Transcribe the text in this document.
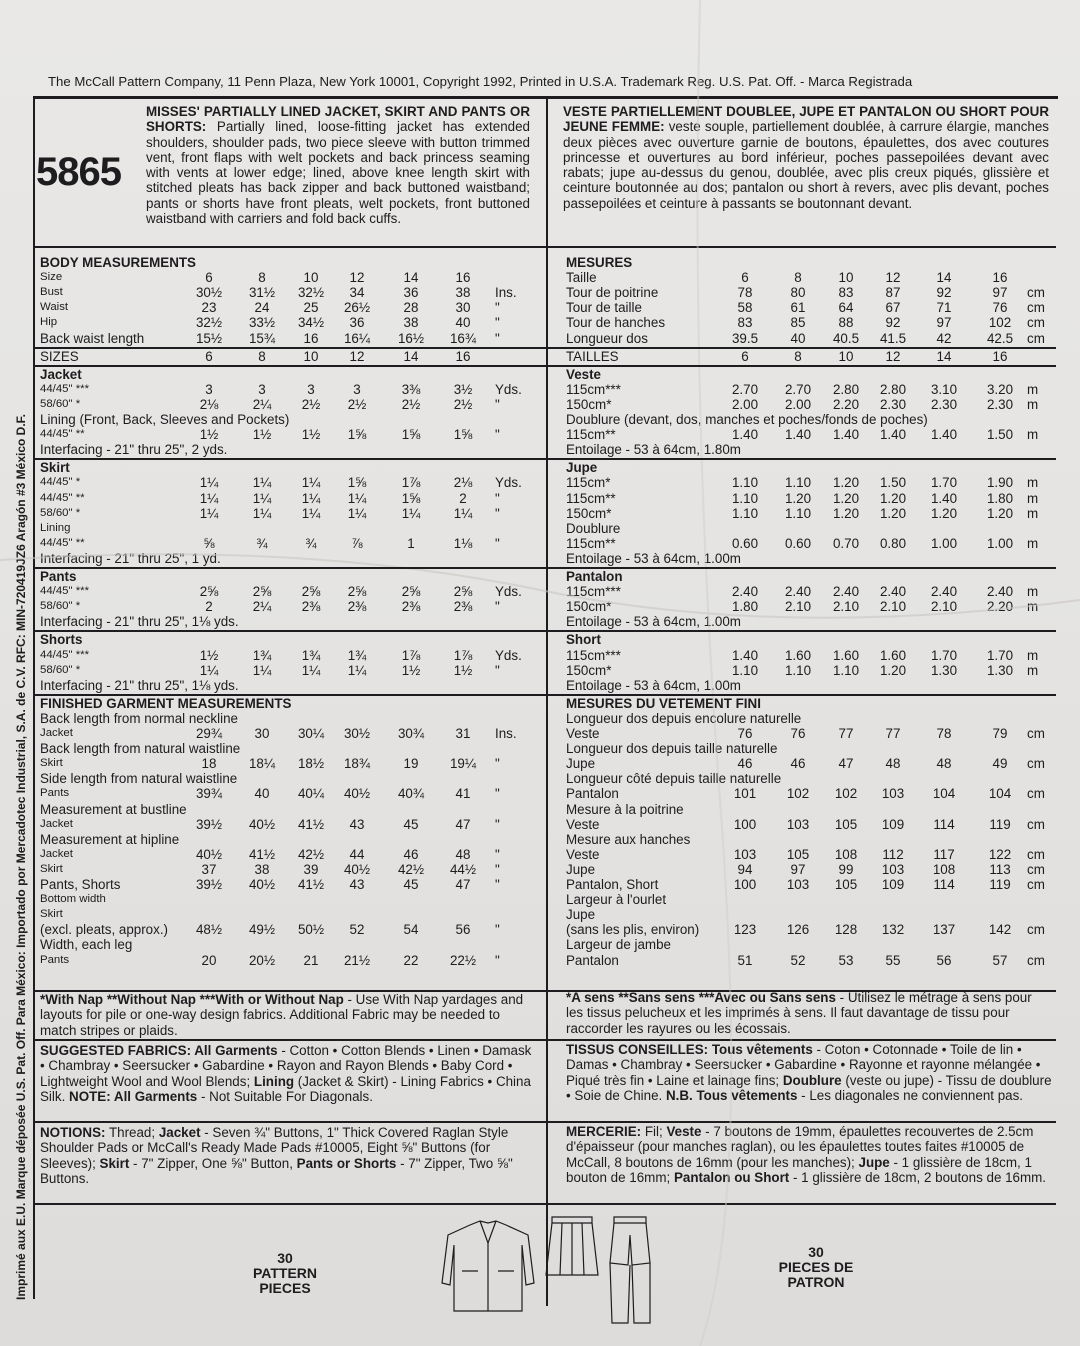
Imprimé aux E.U. Marque déposée U.S. Pat. Off. Para México: Importado por Mercadotec Industrial, S.A. de C.V. RFC: MIN-720419JZ6 Aragón #3 México D.F.
The McCall Pattern Company, 11 Penn Plaza, New York 10001, Copyright 1992, Printed in U.S.A. Trademark Reg. U.S. Pat. Off. - Marca Registrada
5865
MISSES' PARTIALLY LINED JACKET, SKIRT AND PANTS OR SHORTS: Partially lined, loose-fitting jacket has extended shoulders, shoulder pads, two piece sleeve with button trimmed vent, front flaps with welt pockets and back princess seaming with vents at lower edge; lined, above knee length skirt with stitched pleats has back zipper and back buttoned waistband; pants or shorts have front pleats, welt pockets, front buttoned waistband with carriers and fold back cuffs.
VESTE PARTIELLEMENT DOUBLEE, JUPE ET PANTALON OU SHORT POUR JEUNE FEMME: veste souple, partiellement doublée, à carrure élargie, manches deux pièces avec ouverture garnie de boutons, épaulettes, dos avec coutures princesse et ouvertures au bord inférieur, poches passepoilées devant avec rabats; jupe au-dessus du genou, doublée, avec plis creux piqués, glissière et ceinture boutonnée au dos; pantalon ou short à revers, avec plis devant, poches passepoilées et ceinture à passants se boutonnant devant.
BODY MEASUREMENTS
Size	6	8	10 12	14	16
Bust	30½ 31½ 32½ 34	36	38 Ins.
Waist	23	24	25 26½	28	30 "
Hip	32½ 33½ 34½ 36	38	40 "
Back waist length	15½ 15¾ 16 16¼ 16½ 16¾ "
SIZES	6	8	10 12	14	16
Jacket
44/45" ***	3	3	3	3	3⅜ 3½ Yds.
58/60" *	2⅛	2¼ 2½ 2½	2½ 2½ "
Lining (Front, Back, Sleeves and Pockets)
44/45" **	1½	1½ 1½ 1⅝	1⅝ 1⅝ "
Interfacing - 21" thru 25", 2 yds.
Skirt
44/45" *	1¼	1¼ 1¼ 1⅝	1⅞ 2⅛ Yds.
44/45" **	1¼	1¼ 1¼ 1¼	1⅝	2 "
58/60" *	1¼	1¼ 1¼ 1¼	1¼ 1¼ "
Lining
44/45" **	⅝	¾	¾	⅞	1	1⅛ "
Interfacing - 21" thru 25", 1 yd.
Pants
44/45" ***	2⅝	2⅝ 2⅝ 2⅝	2⅝ 2⅝ Yds.
58/60" *	2	2¼ 2⅜ 2⅜	2⅜ 2⅜ "
Interfacing - 21" thru 25", 1⅛ yds.
Shorts
44/45" ***	1½	1¾ 1¾ 1¾	1⅞ 1⅞ Yds.
58/60" *	1¼	1¼ 1¼ 1¼	1½ 1½ "
Interfacing - 21" thru 25", 1⅛ yds.
FINISHED GARMENT MEASUREMENTS
Back length from normal neckline
Jacket	29¾ 30 30¼ 30½ 30¾ 31 Ins.
Back length from natural waistline
Skirt	18 18¼ 18½ 18¾	19 19¼ "
Side length from natural waistline
Pants	39¾ 40 40¼ 40½ 40¾ 41 "
Measurement at bustline
Jacket	39½ 40½ 41½ 43	45	47 "
Measurement at hipline
Jacket	40½ 41½ 42½ 44	46	48 "
Skirt	37	38	39 40½ 42½ 44½ "
Pants, Shorts	39½ 40½ 41½ 43	45	47 "
Bottom width
Skirt
(excl. pleats, approx.) 48½ 49½ 50½ 52	54	56 "
Width, each leg
Pants	20 20½ 21 21½	22 22½ "
MESURES
Taille	6	8	10 12	14	16
Tour de poitrine	78	80 83 87	92	97 cm
Tour de taille	58	61 64 67	71	76 cm
Tour de hanches	83	85 88 92	97	102 cm
Longueur dos	39.5 40 40.5 41.5 42	42.5 cm
TAILLES	6	8	10 12	14	16
Veste
115cm***	2.70 2.70 2.80 2.80 3.10 3.20 m
150cm*	2.00 2.00 2.20 2.30 2.30 2.30 m
Doublure (devant, dos, manches et poches/fonds de poches)
115cm**	1.40 1.40 1.40 1.40 1.40 1.50 m
Entoilage - 53 à 64cm, 1.80m
Jupe
115cm*	1.10 1.10 1.20 1.50 1.70 1.90 m
115cm**	1.10 1.20 1.20 1.20 1.40 1.80 m
150cm*	1.10 1.10 1.20 1.20 1.20 1.20 m
Doublure
115cm**	0.60 0.60 0.70 0.80 1.00 1.00 m
Entoilage - 53 à 64cm, 1.00m
Pantalon
115cm***	2.40 2.40 2.40 2.40 2.40 2.40 m
150cm*	1.80 2.10 2.10 2.10 2.10 2.20 m
Entoilage - 53 à 64cm, 1.00m
Short
115cm***	1.40 1.60 1.60 1.60 1.70 1.70 m
150cm*	1.10 1.10 1.10 1.20 1.30 1.30 m
Entoilage - 53 à 64cm, 1.00m
MESURES DU VETEMENT FINI
Longueur dos depuis encolure naturelle
Veste	76	76 77 77	78	79 cm
Longueur dos depuis taille naturelle
Jupe	46	46 47 48	48	49 cm
Longueur côté depuis taille naturelle
Pantalon	101 102 102 103 104	104 cm
Mesure à la poitrine
Veste	100 103 105 109 114	119 cm
Mesure aux hanches
Veste	103 105 108 112 117	122 cm
Jupe	94	97 99 103 108	113 cm
Pantalon, Short	100 103 105 109 114	119 cm
Largeur à l'ourlet
Jupe
(sans les plis, environ)	123 126 128 132 137	142 cm
Largeur de jambe
Pantalon	51	52 53 55	56	57 cm
*With Nap **Without Nap ***With or Without Nap - Use With Nap yardages and layouts for pile or one-way design fabrics. Additional Fabric may be needed to match stripes or plaids.
*A sens **Sans sens ***Avec ou Sans sens - Utilisez le métrage à sens pour les tissus pelucheux et les imprimés à sens. Il faut davantage de tissu pour raccorder les rayures ou les écossais.
SUGGESTED FABRICS: All Garments - Cotton • Cotton Blends • Linen • Damask • Chambray • Seersucker • Gabardine • Rayon and Rayon Blends • Baby Cord • Lightweight Wool and Wool Blends; Lining (Jacket & Skirt) - Lining Fabrics • China Silk. NOTE: All Garments - Not Suitable For Diagonals.
TISSUS CONSEILLES: Tous vêtements - Coton • Cotonnade • Toile de lin • Damas • Chambray • Seersucker • Gabardine • Rayonne et rayonne mélangée • Piqué très fin • Laine et lainage fins; Doublure (veste ou jupe) - Tissu de doublure • Soie de Chine. N.B. Tous vêtements - Les diagonales ne conviennent pas.
NOTIONS: Thread; Jacket - Seven ¾" Buttons, 1" Thick Covered Raglan Style Shoulder Pads or McCall's Ready Made Pads #10005, Eight ⅝" Buttons (for Sleeves); Skirt - 7" Zipper, One ⅝" Button, Pants or Shorts - 7" Zipper, Two ⅝" Buttons.
MERCERIE: Fil; Veste - 7 boutons de 19mm, épaulettes recouvertes de 2.5cm d'épaisseur (pour manches raglan), ou les épaulettes toutes faites #10005 de McCall, 8 boutons de 16mm (pour les manches); Jupe - 1 glissière de 18cm, 1 bouton de 16mm; Pantalon ou Short - 1 glissière de 18cm, 2 boutons de 16mm.
30
PATTERN PIECES
30
PIECES DE PATRON
